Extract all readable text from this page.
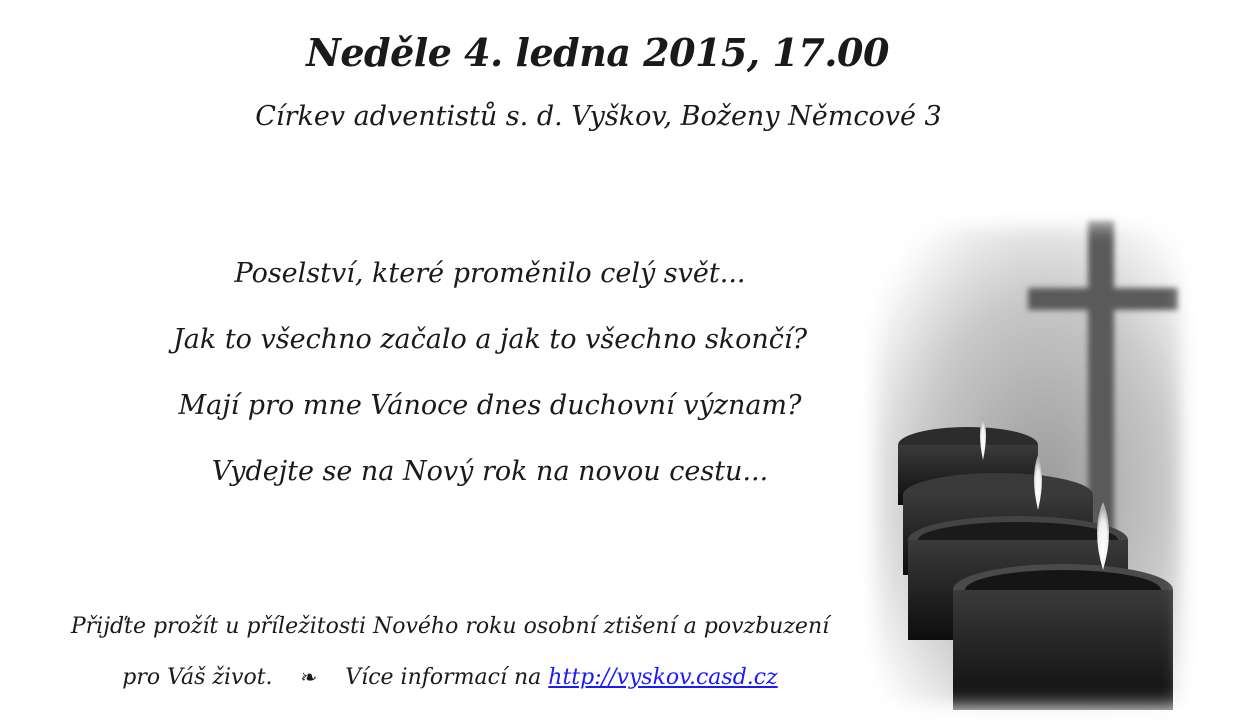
Neděle 4. ledna 2015, 17.00
Církev adventistů s. d. Vyškov, Boženy Němcové 3
Poselství, které proměnilo celý svět...
Jak to všechno začalo a jak to všechno skončí?
Mají pro mne Vánoce dnes duchovní význam?
Vydejte se na Nový rok na novou cestu...
Přijďte prožít u příležitosti Nového roku osobní ztišení a povzbuzení
pro Váš život. ❧ Více informací na http://vyskov.casd.cz
